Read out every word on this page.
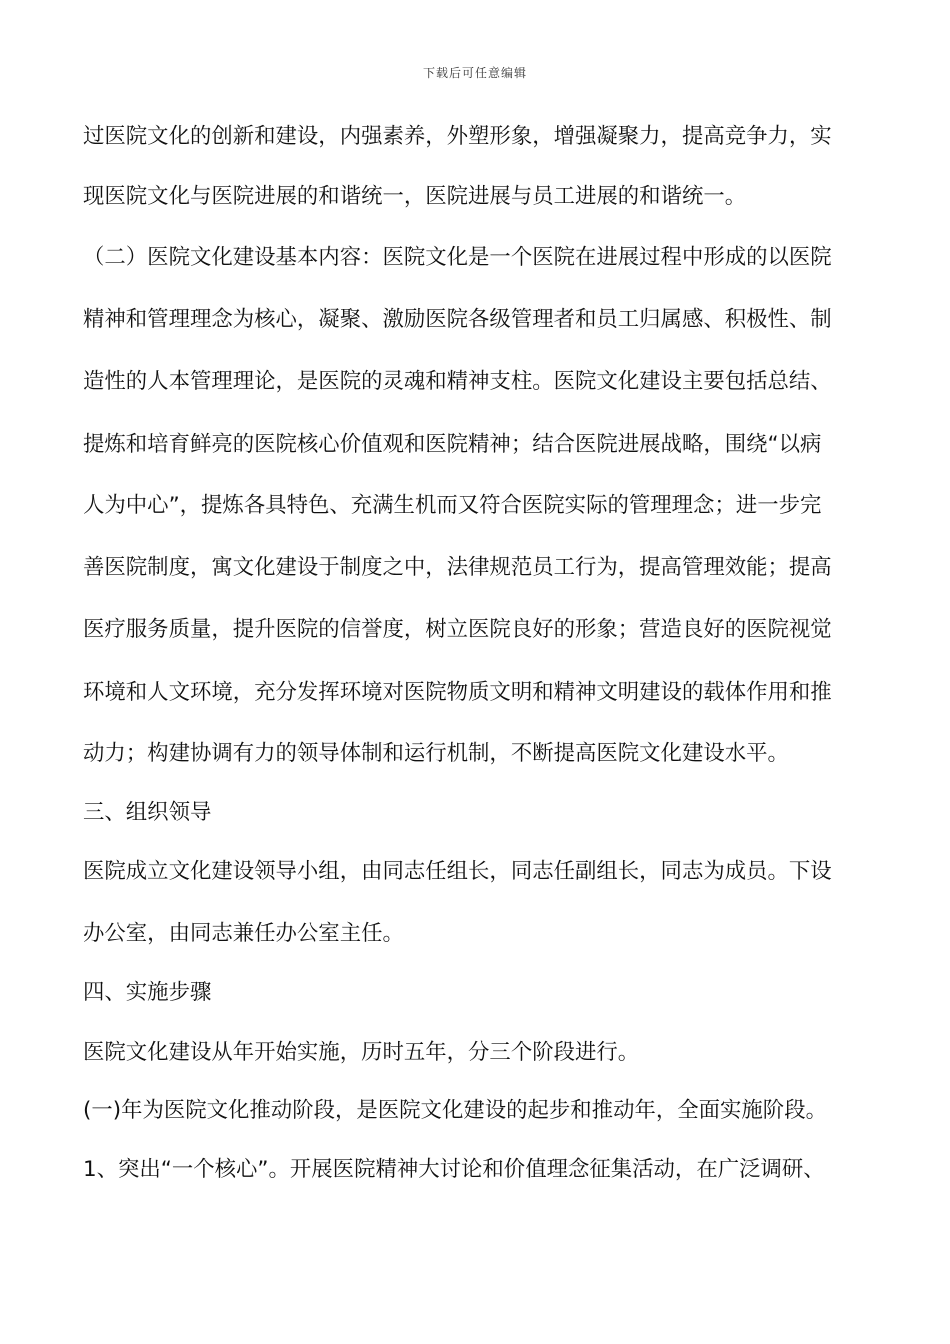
下载后可任意编辑
过医院文化的创新和建设，内强素养，外塑形象，增强凝聚力，提高竞争力，实
现医院文化与医院进展的和谐统一，医院进展与员工进展的和谐统一。
（二）医院文化建设基本内容：医院文化是一个医院在进展过程中形成的以医院
精神和管理理念为核心，凝聚、激励医院各级管理者和员工归属感、积极性、制
造性的人本管理理论，是医院的灵魂和精神支柱。医院文化建设主要包括总结、
提炼和培育鲜亮的医院核心价值观和医院精神；结合医院进展战略，围绕“以病
人为中心”，提炼各具特色、充满生机而又符合医院实际的管理理念；进一步完
善医院制度，寓文化建设于制度之中，法律规范员工行为，提高管理效能；提高
医疗服务质量，提升医院的信誉度，树立医院良好的形象；营造良好的医院视觉
环境和人文环境，充分发挥环境对医院物质文明和精神文明建设的载体作用和推
动力；构建协调有力的领导体制和运行机制，不断提高医院文化建设水平。
三、组织领导
医院成立文化建设领导小组，由同志任组长，同志任副组长，同志为成员。下设
办公室，由同志兼任办公室主任。
四、实施步骤
医院文化建设从年开始实施，历时五年，分三个阶段进行。
(一)年为医院文化推动阶段，是医院文化建设的起步和推动年，全面实施阶段。
1、突出“一个核心”。开展医院精神大讨论和价值理念征集活动，在广泛调研、
